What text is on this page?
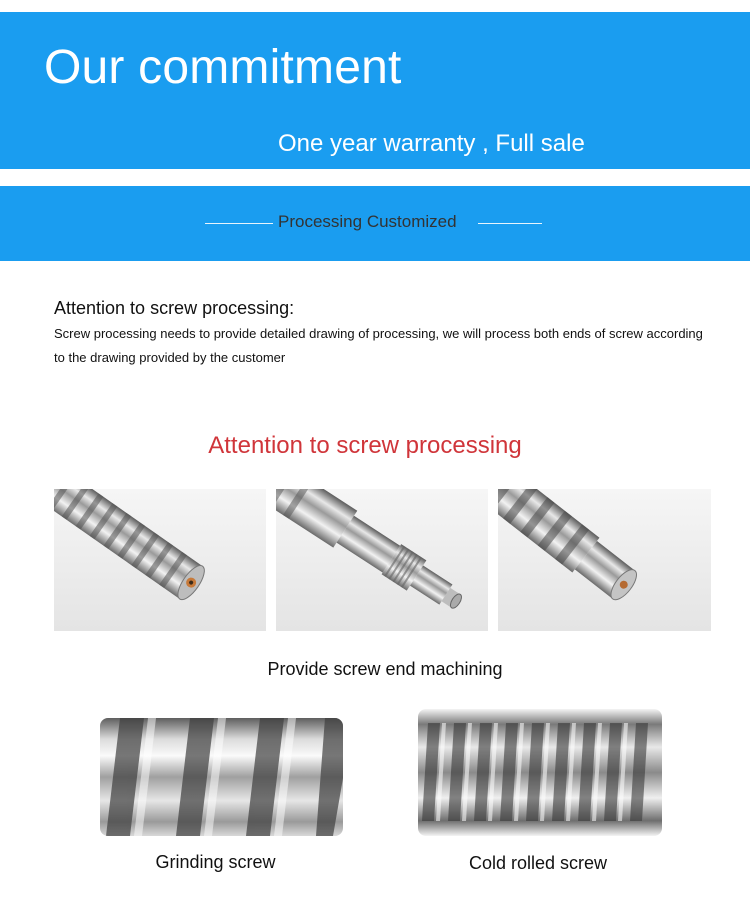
Our commitment
One year warranty , Full sale
Processing Customized
Attention to screw processing:
Screw processing needs to provide detailed drawing of processing, we will process both ends of screw according to the drawing provided by the customer
Attention to screw processing
Provide screw end machining
Grinding screw	Cold rolled screw
